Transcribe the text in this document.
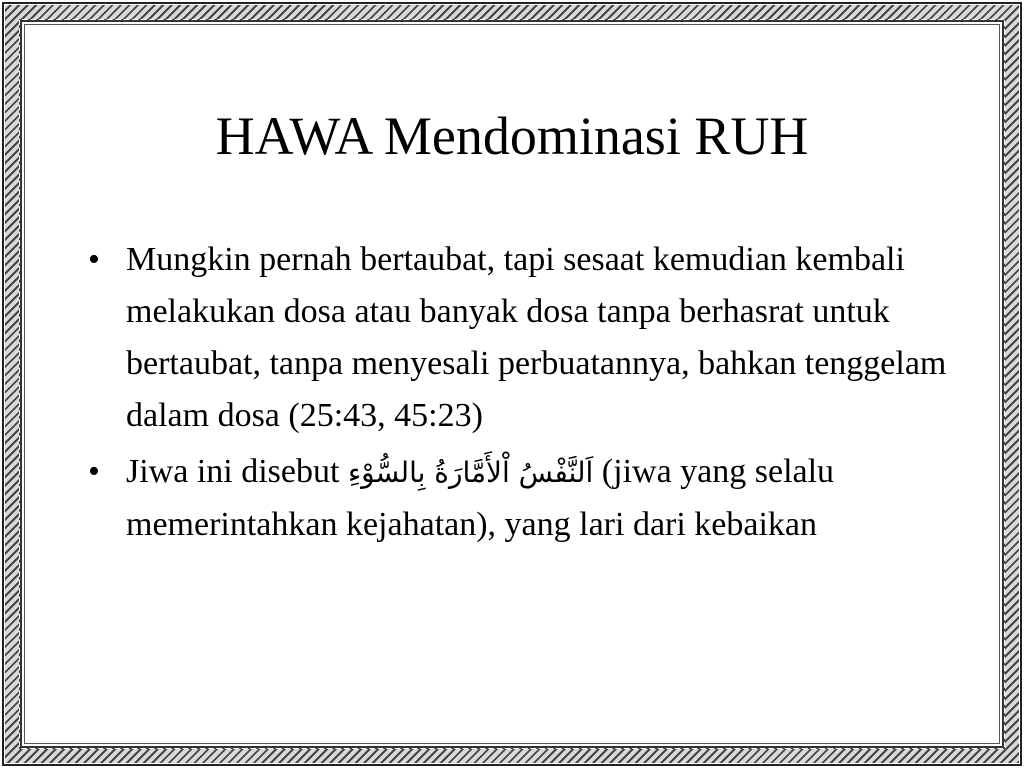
HAWA Mendominasi RUH
• Mungkin pernah bertaubat, tapi sesaat kemudian kembali melakukan dosa atau banyak dosa tanpa berhasrat untuk bertaubat, tanpa menyesali perbuatannya, bahkan tenggelam dalam dosa (25:43, 45:23)
• Jiwa ini disebut اَلنَّفْسُ اْلأَمَّارَةُ بِالسُّوْءِ (jiwa yang selalu memerintahkan kejahatan), yang lari dari kebaikan
